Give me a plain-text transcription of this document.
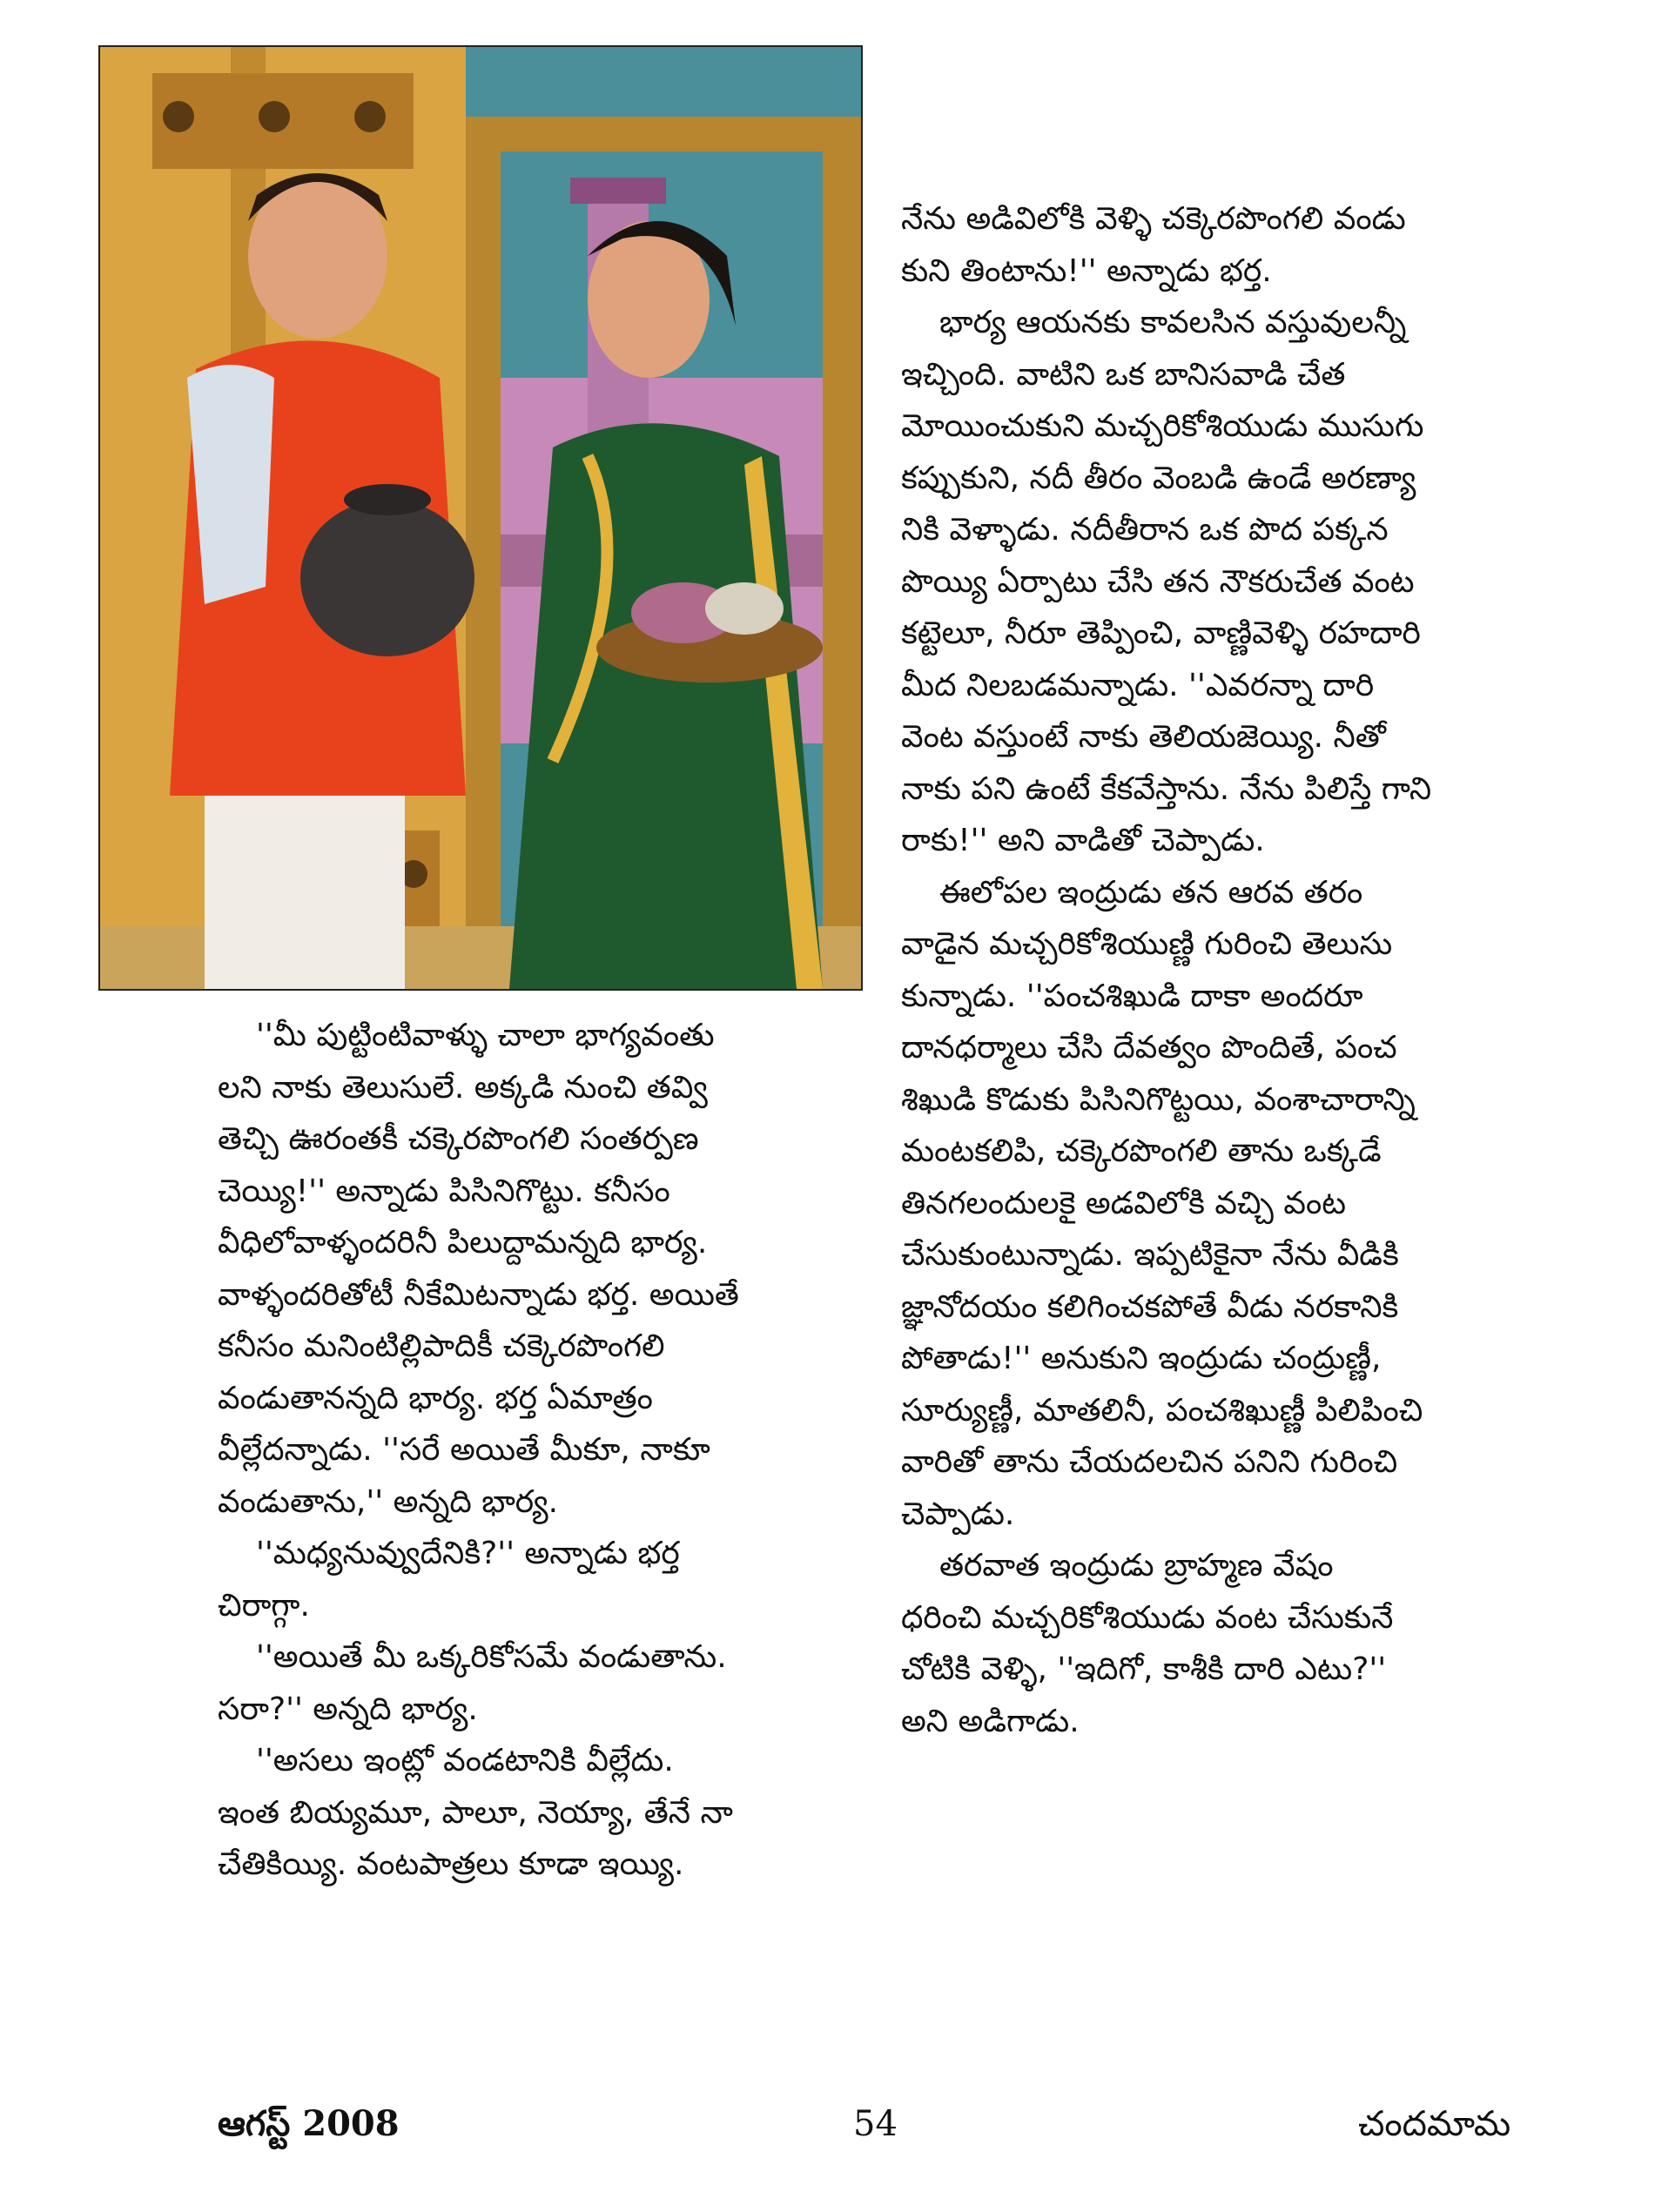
నేను అడివిలోకి వెళ్ళి చక్కెరపొంగలి వండు
కుని తింటాను!'' అన్నాడు భర్త.

భార్య ఆయనకు కావలసిన వస్తువులన్నీ
ఇచ్చింది. వాటిని ఒక బానిసవాడి చేత
మోయించుకుని మచ్చరికోశియుడు ముసుగు
కప్పుకుని, నదీ తీరం వెంబడి ఉండే అరణ్యా
నికి వెళ్ళాడు. నదీతీరాన ఒక పొద పక్కన
పొయ్యి ఏర్పాటు చేసి తన నౌకరుచేత వంట
కట్టెలూ, నీరూ తెప్పించి, వాణ్ణివెళ్ళి రహదారి
మీద నిలబడమన్నాడు. ''ఎవరన్నా దారి
వెంట వస్తుంటే నాకు తెలియజెయ్యి. నీతో
నాకు పని ఉంటే కేకవేస్తాను. నేను పిలిస్తే గాని
రాకు!'' అని వాడితో చెప్పాడు.

ఈలోపల ఇంద్రుడు తన ఆరవ తరం
వాడైన మచ్చరికోశియుణ్ణి గురించి తెలుసు
కున్నాడు. ''పంచశిఖుడి దాకా అందరూ
దానధర్మాలు చేసి దేవత్వం పొందితే, పంచ
శిఖుడి కొడుకు పిసినిగొట్టయి, వంశాచారాన్ని
మంటకలిపి, చక్కెరపొంగలి తాను ఒక్కడే
తినగలందులకై అడవిలోకి వచ్చి వంట
చేసుకుంటున్నాడు. ఇప్పటికైనా నేను వీడికి
జ్ఞానోదయం కలిగించకపోతే వీడు నరకానికి
పోతాడు!'' అనుకుని ఇంద్రుడు చంద్రుణ్ణీ,
సూర్యుణ్ణీ, మాతలినీ, పంచశిఖుణ్ణీ పిలిపించి
వారితో తాను చేయదలచిన పనిని గురించి
చెప్పాడు.

తరవాత ఇంద్రుడు బ్రాహ్మణ వేషం
ధరించి మచ్చరికోశియుడు వంట చేసుకునే
చోటికి వెళ్ళి, ''ఇదిగో, కాశీకి దారి ఎటు?''
అని అడిగాడు.

''మీ పుట్టింటివాళ్ళు చాలా భాగ్యవంతు
లని నాకు తెలుసులే. అక్కడి నుంచి తవ్వి
తెచ్చి ఊరంతకీ చక్కెరపొంగలి సంతర్పణ
చెయ్యి!'' అన్నాడు పిసినిగొట్టు. కనీసం
వీధిలోవాళ్ళందరినీ పిలుద్దామన్నది భార్య.
వాళ్ళందరితోటీ నీకేమిటన్నాడు భర్త. అయితే
కనీసం మనింటిల్లిపాదికీ చక్కెరపొంగలి
వండుతానన్నది భార్య. భర్త ఏమాత్రం
వీల్లేదన్నాడు. ''సరే అయితే మీకూ, నాకూ
వండుతాను,'' అన్నది భార్య.

''మధ్యనువ్వుదేనికి?'' అన్నాడు భర్త
చిరాగ్గా.

''అయితే మీ ఒక్కరికోసమే వండుతాను.
సరా?'' అన్నది భార్య.

''అసలు ఇంట్లో వండటానికి వీల్లేదు.
ఇంత బియ్యమూ, పాలూ, నెయ్యా, తేనే నా
చేతికియ్యి. వంటపాత్రలు కూడా ఇయ్యి.

ఆగస్ట్ 2008	54	చందమామ
